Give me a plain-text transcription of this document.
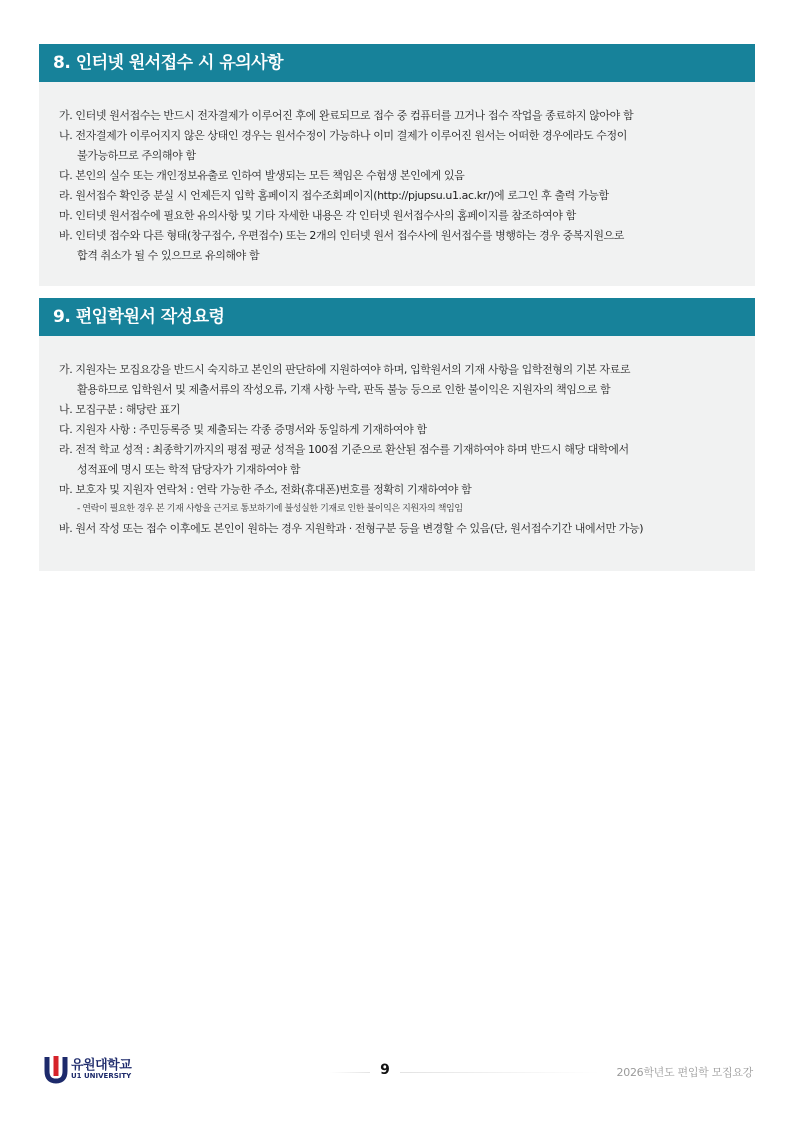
8. 인터넷 원서접수 시 유의사항
가. 인터넷 원서접수는 반드시 전자결제가 이루어진 후에 완료되므로 접수 중 컴퓨터를 끄거나 접수 작업을 종료하지 않아야 함
나. 전자결제가 이루어지지 않은 상태인 경우는 원서수정이 가능하나 이미 결제가 이루어진 원서는 어떠한 경우에라도 수정이
불가능하므로 주의해야 함
다. 본인의 실수 또는 개인정보유출로 인하여 발생되는 모든 책임은 수험생 본인에게 있음
라. 원서접수 확인증 분실 시 언제든지 입학 홈페이지 접수조회페이지(http://pjupsu.u1.ac.kr/)에 로그인 후 출력 가능함
마. 인터넷 원서접수에 필요한 유의사항 및 기타 자세한 내용은 각 인터넷 원서접수사의 홈페이지를 참조하여야 함
바. 인터넷 접수와 다른 형태(창구접수, 우편접수) 또는 2개의 인터넷 원서 접수사에 원서접수를 병행하는 경우 중복지원으로
합격 취소가 될 수 있으므로 유의해야 함
9. 편입학원서 작성요령
가. 지원자는 모집요강을 반드시 숙지하고 본인의 판단하에 지원하여야 하며, 입학원서의 기재 사항을 입학전형의 기본 자료로
활용하므로 입학원서 및 제출서류의 작성오류, 기재 사항 누락, 판독 불능 등으로 인한 불이익은 지원자의 책임으로 함
나. 모집구분 : 해당란 표기
다. 지원자 사항 : 주민등록증 및 제출되는 각종 증명서와 동일하게 기재하여야 함
라. 전적 학교 성적 : 최종학기까지의 평점 평균 성적을 100점 기준으로 환산된 점수를 기재하여야 하며 반드시 해당 대학에서
성적표에 명시 또는 학적 담당자가 기재하여야 함
마. 보호자 및 지원자 연락처 : 연락 가능한 주소, 전화(휴대폰)번호를 정확히 기재하여야 함
- 연락이 필요한 경우 본 기재 사항을 근거로 통보하기에 불성실한 기재로 인한 불이익은 지원자의 책임임
바. 원서 작성 또는 접수 이후에도 본인이 원하는 경우 지원학과 · 전형구분 등을 변경할 수 있음(단, 원서접수기간 내에서만 가능)
유원대학교
U1 UNIVERSITY	9	2026학년도 편입학 모집요강
